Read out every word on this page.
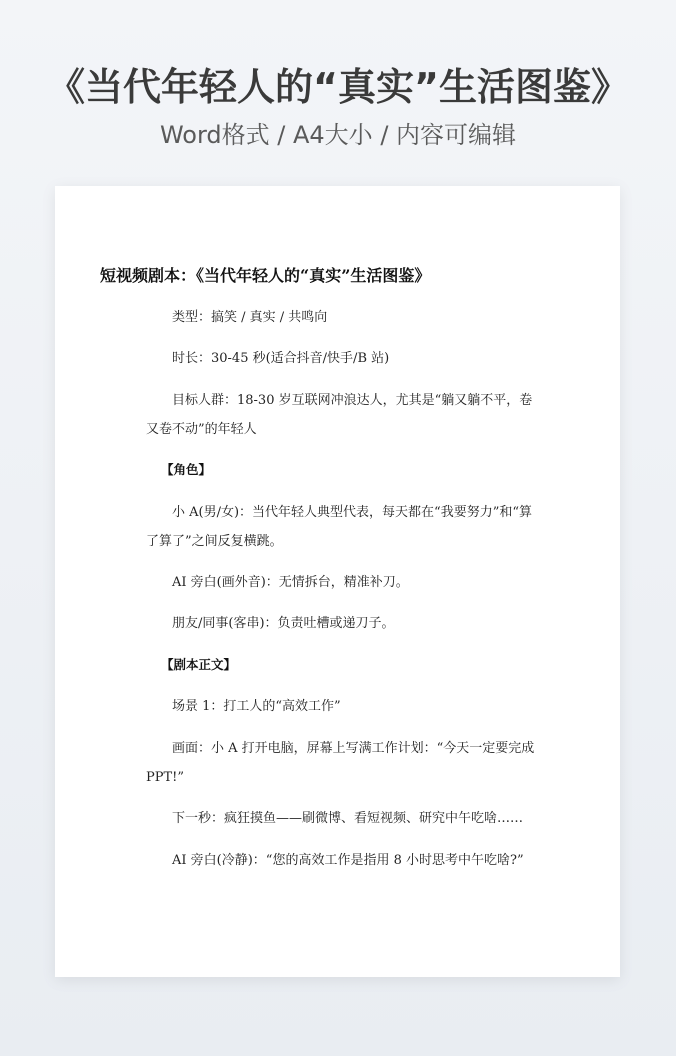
《当代年轻人的“真实”生活图鉴》
Word格式 / A4大小 / 内容可编辑
短视频剧本：《当代年轻人的“真实”生活图鉴》
类型：搞笑 / 真实 / 共鸣向
时长：30-45 秒(适合抖音/快手/B 站)
目标人群：18-30 岁互联网冲浪达人，尤其是“躺又躺不平，卷又卷不动”的年轻人
【角色】
小 A(男/女)：当代年轻人典型代表，每天都在“我要努力”和“算了算了”之间反复横跳。
AI 旁白(画外音)：无情拆台，精准补刀。
朋友/同事(客串)：负责吐槽或递刀子。
【剧本正文】
场景 1：打工人的“高效工作”
画面：小 A 打开电脑，屏幕上写满工作计划：“今天一定要完成 PPT!”
下一秒：疯狂摸鱼——刷微博、看短视频、研究中午吃啥……
AI 旁白(冷静)：“您的高效工作是指用 8 小时思考中午吃啥?”
